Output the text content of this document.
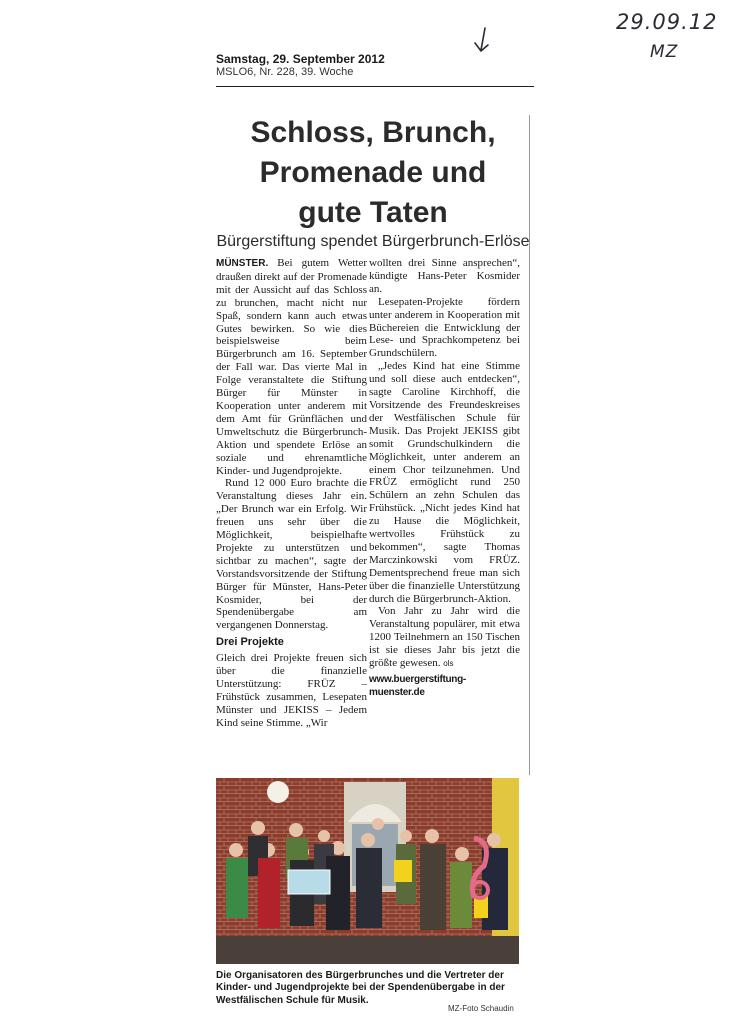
29.09.12
MZ
Samstag, 29. September 2012
MSLO6, Nr. 228, 39. Woche
Schloss, Brunch,
Promenade und
gute Taten
Bürgerstiftung spendet Bürgerbrunch-Erlöse

MÜNSTER. Bei gutem Wetter draußen direkt auf der Promenade mit der Aussicht auf das Schloss zu brunchen, macht nicht nur Spaß, sondern kann auch etwas Gutes bewirken. So wie dies beispielsweise beim Bürgerbrunch am 16. September der Fall war. Das vierte Mal in Folge veranstaltete die Stiftung Bürger für Münster in Kooperation unter anderem mit dem Amt für Grünflächen und Umweltschutz die Bürgerbrunch-Aktion und spendete Erlöse an soziale und ehrenamtliche Kinder- und Jugendprojekte.

Rund 12 000 Euro brachte die Veranstaltung dieses Jahr ein. „Der Brunch war ein Erfolg. Wir freuen uns sehr über die Möglichkeit, beispielhafte Projekte zu unterstützen und sichtbar zu machen“, sagte der Vorstandsvorsitzende der Stiftung Bürger für Münster, Hans-Peter Kosmider, bei der Spendenübergabe am vergangenen Donnerstag.

Drei Projekte

Gleich drei Projekte freuen sich über die finanzielle Unterstützung: FRÜZ – Frühstück zusammen, Lesepaten Münster und JEKISS – Jedem Kind seine Stimme. „Wir

wollten drei Sinne ansprechen“, kündigte Hans-Peter Kosmider an.

Lesepaten-Projekte fördern unter anderem in Kooperation mit Büchereien die Entwicklung der Lese- und Sprachkompetenz bei Grundschülern.

„Jedes Kind hat eine Stimme und soll diese auch entdecken“, sagte Caroline Kirchhoff, die Vorsitzende des Freundeskreises der Westfälischen Schule für Musik. Das Projekt JEKISS gibt somit Grundschulkindern die Möglichkeit, unter anderem an einem Chor teilzunehmen. Und FRÜZ ermöglicht rund 250 Schülern an zehn Schulen das Frühstück. „Nicht jedes Kind hat zu Hause die Möglichkeit, wertvolles Frühstück zu bekommen“, sagte Thomas Marczinkowski vom FRÜZ. Dementsprechend freue man sich über die finanzielle Unterstützung durch die Bürgerbrunch-Aktion.

Von Jahr zu Jahr wird die Veranstaltung populärer, mit etwa 1200 Teilnehmern an 150 Tischen ist sie dieses Jahr bis jetzt die größte gewesen. ols

www.buergerstiftung-muenster.de
Die Organisatoren des Bürgerbrunches und die Vertreter der Kinder- und Jugendprojekte bei der Spendenübergabe in der Westfälischen Schule für Musik.
MZ-Foto Schaudin
